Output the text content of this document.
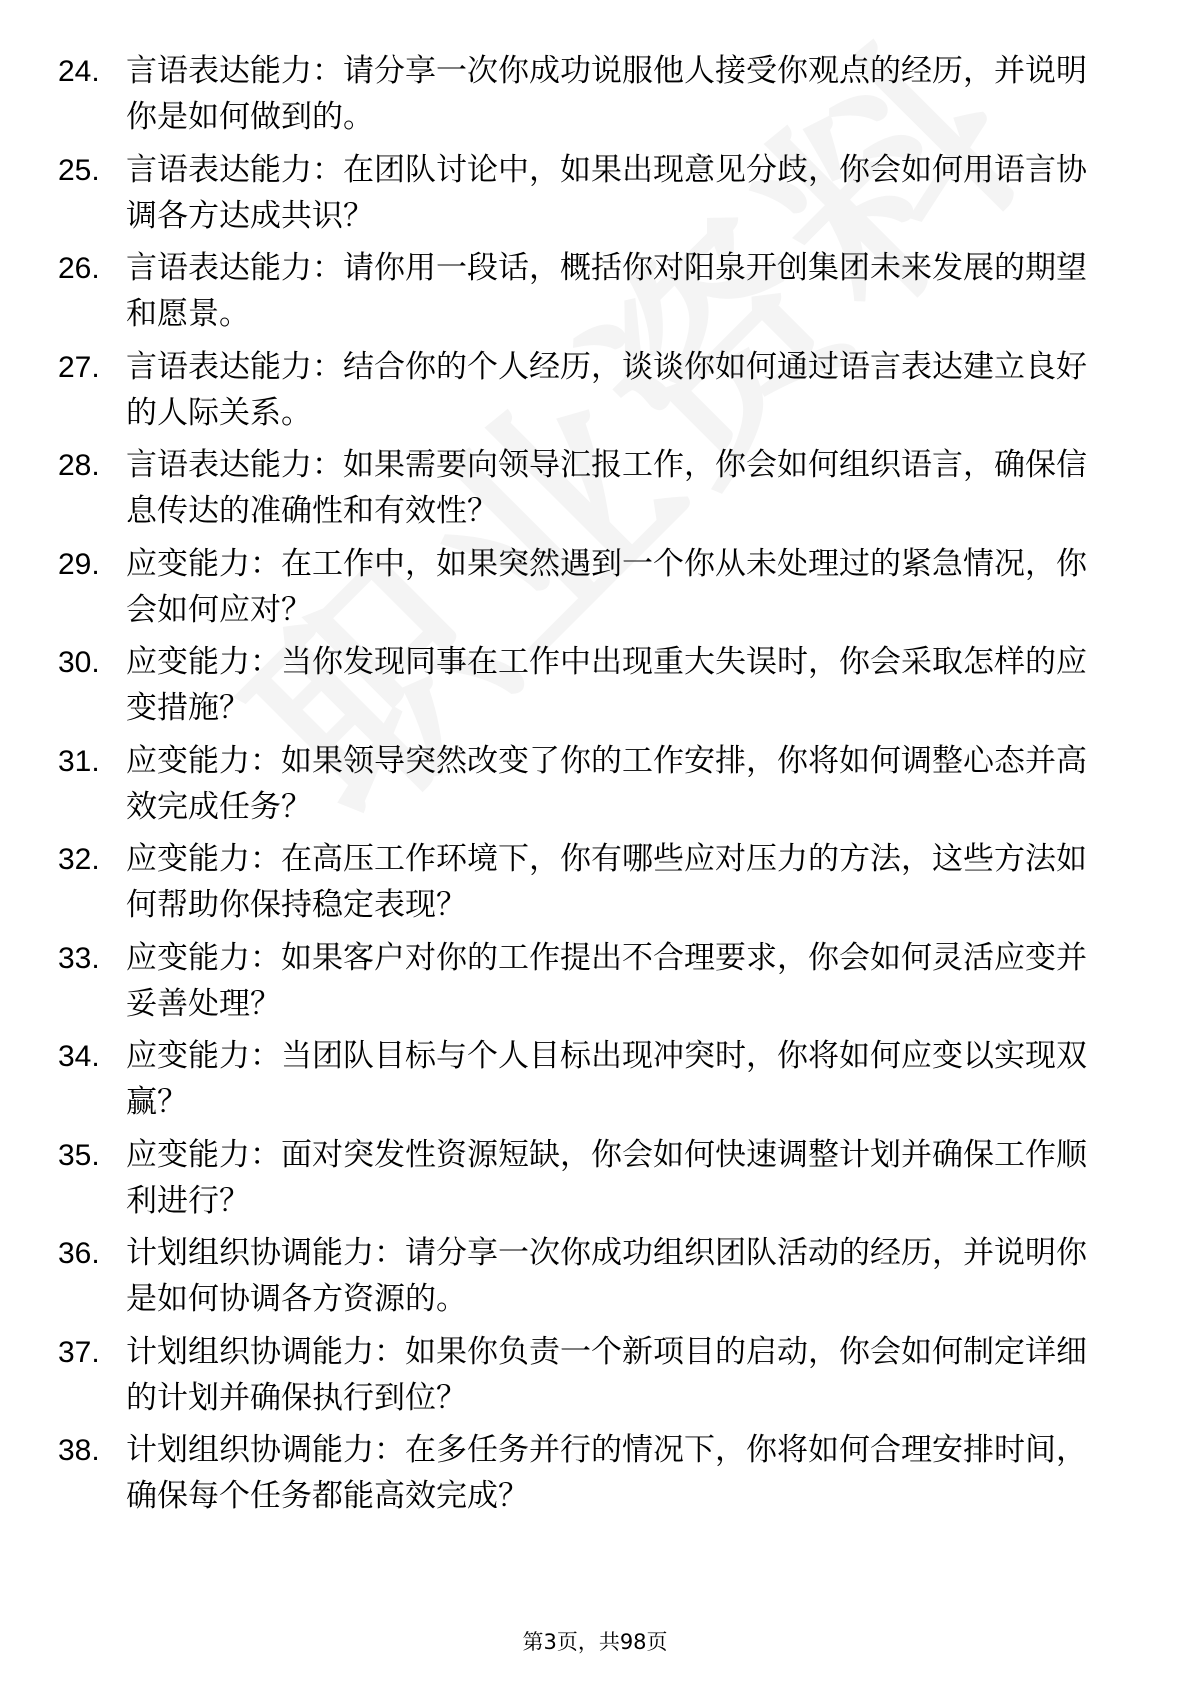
24. 言语表达能力：请分享一次你成功说服他人接受你观点的经历，并说明你是如何做到的。
25. 言语表达能力：在团队讨论中，如果出现意见分歧，你会如何用语言协调各方达成共识？
26. 言语表达能力：请你用一段话，概括你对阳泉开创集团未来发展的期望和愿景。
27. 言语表达能力：结合你的个人经历，谈谈你如何通过语言表达建立良好的人际关系。
28. 言语表达能力：如果需要向领导汇报工作，你会如何组织语言，确保信息传达的准确性和有效性？
29. 应变能力：在工作中，如果突然遇到一个你从未处理过的紧急情况，你会如何应对？
30. 应变能力：当你发现同事在工作中出现重大失误时，你会采取怎样的应变措施？
31. 应变能力：如果领导突然改变了你的工作安排，你将如何调整心态并高效完成任务？
32. 应变能力：在高压工作环境下，你有哪些应对压力的方法，这些方法如何帮助你保持稳定表现？
33. 应变能力：如果客户对你的工作提出不合理要求，你会如何灵活应变并妥善处理？
34. 应变能力：当团队目标与个人目标出现冲突时，你将如何应变以实现双赢？
35. 应变能力：面对突发性资源短缺，你会如何快速调整计划并确保工作顺利进行？
36. 计划组织协调能力：请分享一次你成功组织团队活动的经历，并说明你是如何协调各方资源的。
37. 计划组织协调能力：如果你负责一个新项目的启动，你会如何制定详细的计划并确保执行到位？
38. 计划组织协调能力：在多任务并行的情况下，你将如何合理安排时间，确保每个任务都能高效完成？
第3页，共98页
